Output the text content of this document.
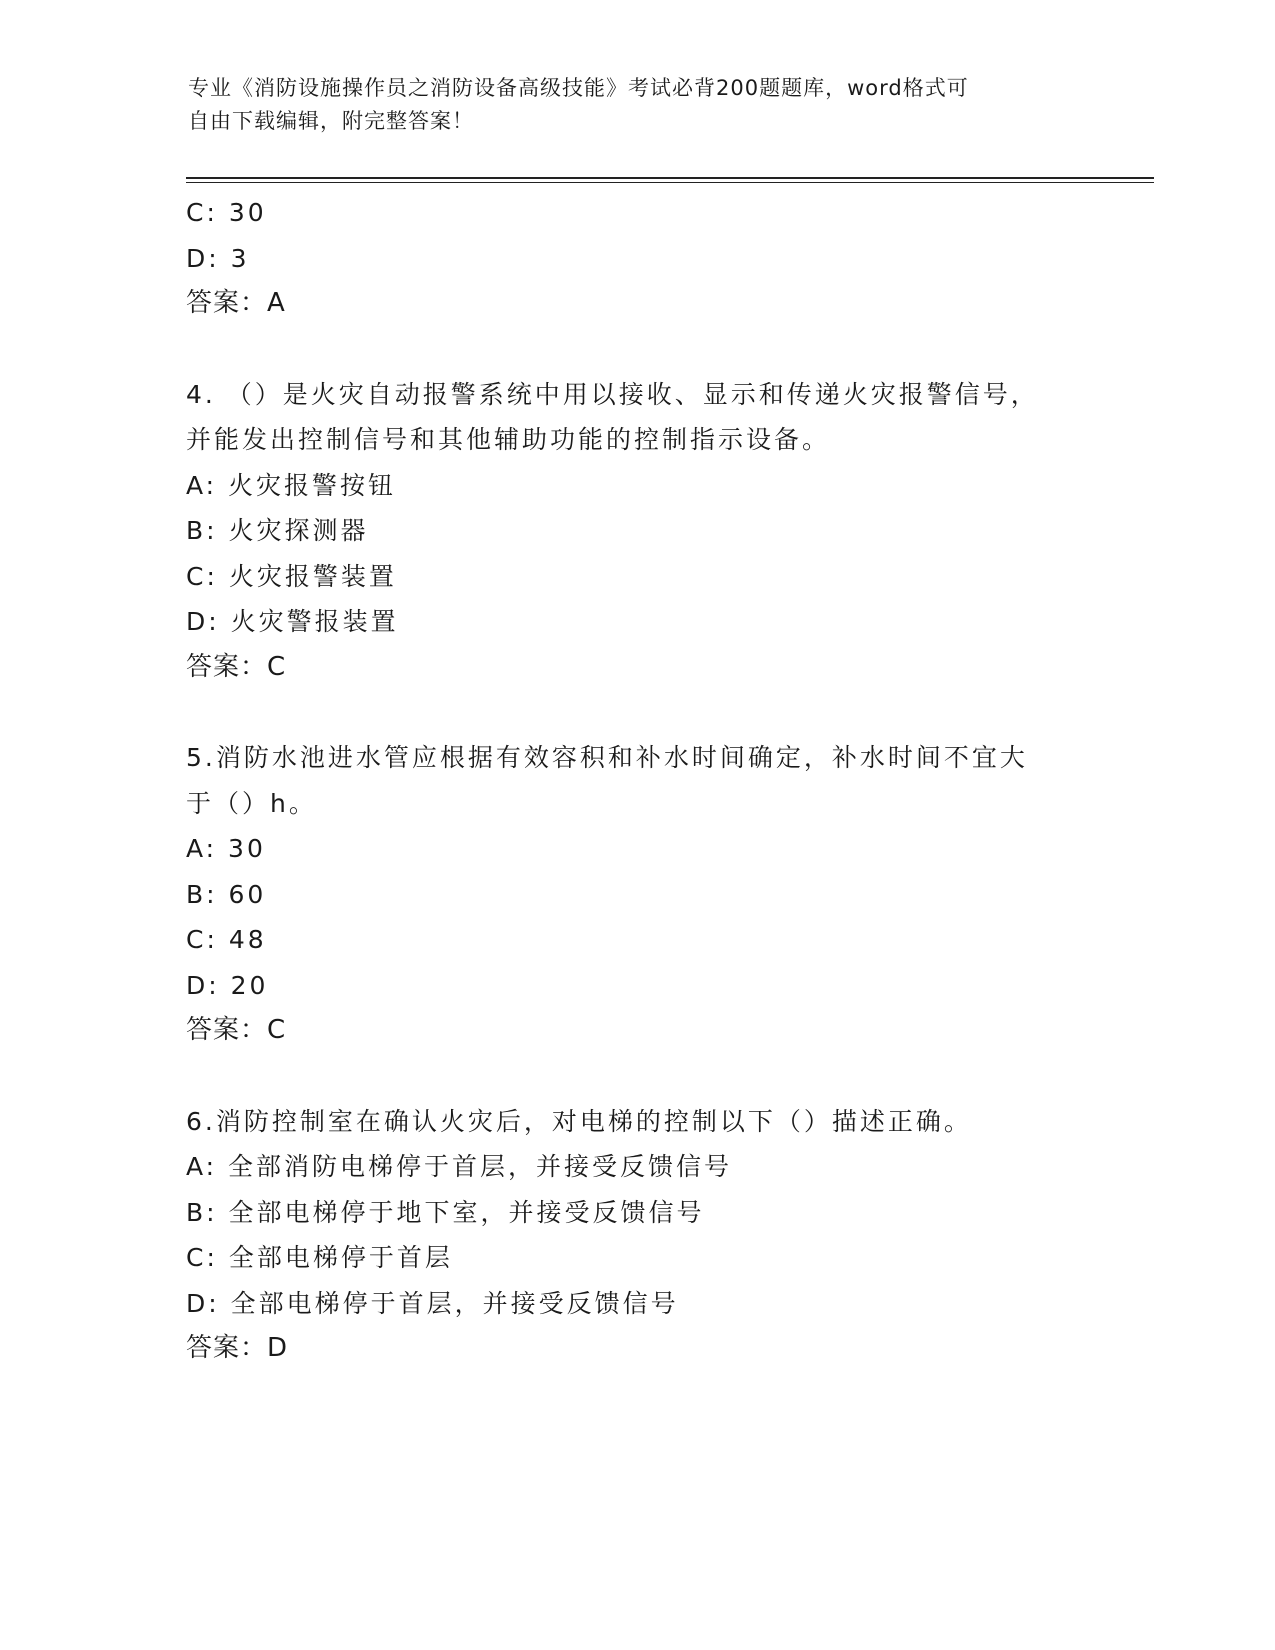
专业《消防设施操作员之消防设备高级技能》考试必背200题题库，word格式可
自由下载编辑，附完整答案！
C: 30
D: 3
答案：A
4. （）是火灾自动报警系统中用以接收、显示和传递火灾报警信号，
并能发出控制信号和其他辅助功能的控制指示设备。
A: 火灾报警按钮
B: 火灾探测器
C: 火灾报警装置
D: 火灾警报装置
答案：C
5.消防水池进水管应根据有效容积和补水时间确定，补水时间不宜大
于（）h。
A: 30
B: 60
C: 48
D: 20
答案：C
6.消防控制室在确认火灾后，对电梯的控制以下（）描述正确。
A: 全部消防电梯停于首层，并接受反馈信号
B: 全部电梯停于地下室，并接受反馈信号
C: 全部电梯停于首层
D: 全部电梯停于首层，并接受反馈信号
答案：D
